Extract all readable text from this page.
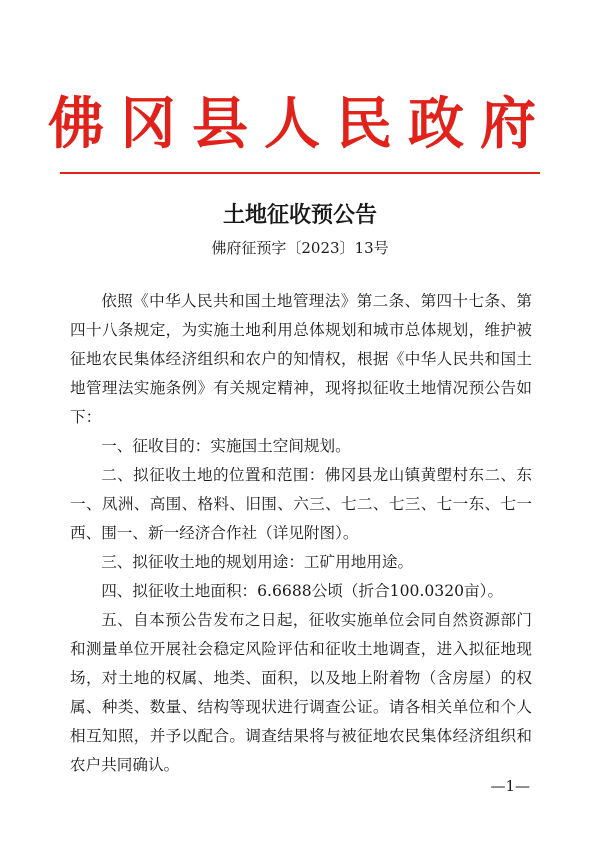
佛冈县人民政府
土地征收预公告
佛府征预字〔2023〕13号

依照《中华人民共和国土地管理法》第二条、第四十七条、第四十八条规定，为实施土地利用总体规划和城市总体规划，维护被征地农民集体经济组织和农户的知情权，根据《中华人民共和国土地管理法实施条例》有关规定精神，现将拟征收土地情况预公告如下：

一、征收目的：实施国土空间规划。

二、拟征收土地的位置和范围：佛冈县龙山镇黄塱村东二、东一、凤洲、高围、格料、旧围、六三、七二、七三、七一东、七一西、围一、新一经济合作社（详见附图）。

三、拟征收土地的规划用途：工矿用地用途。

四、拟征收土地面积：6.6688公顷（折合100.0320亩）。

五、自本预公告发布之日起，征收实施单位会同自然资源部门和测量单位开展社会稳定风险评估和征收土地调查，进入拟征地现场，对土地的权属、地类、面积，以及地上附着物（含房屋）的权属、种类、数量、结构等现状进行调查公证。请各相关单位和个人相互知照，并予以配合。调查结果将与被征地农民集体经济组织和农户共同确认。

—1—
